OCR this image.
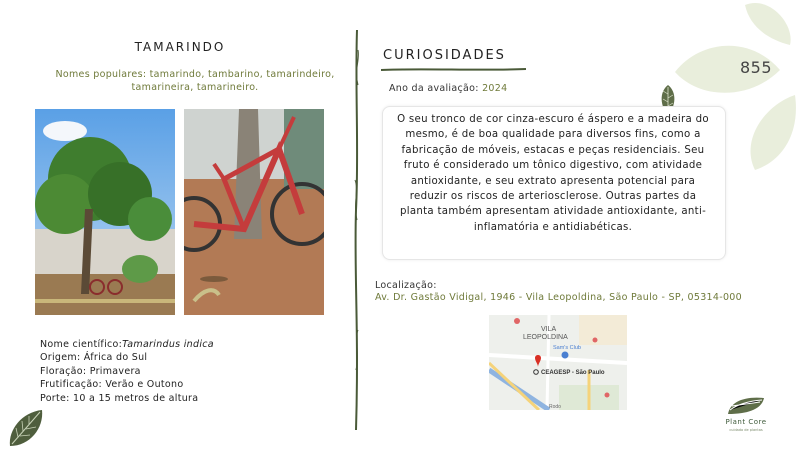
855
TAMARINDO
Nomes populares: tamarindo, tambarino, tamarindeiro, tamarineira, tamarineiro.
Nome científico:Tamarindus indica
Origem: África do Sul
Floração: Primavera
Frutificação: Verão e Outono
Porte: 10 a 15 metros de altura
CURIOSIDADES
Ano da avaliação: 2024
O seu tronco de cor cinza-escuro é áspero e a madeira do mesmo, é de boa qualidade para diversos fins, como a fabricação de móveis, estacas e peças residenciais. Seu fruto é considerado um tônico digestivo, com atividade antioxidante, e seu extrato apresenta potencial para reduzir os riscos de arteriosclerose. Outras partes da planta também apresentam atividade antioxidante, anti-inflamatória e antidiabéticas.
Localização:
Av. Dr. Gastão Vidigal, 1946 - Vila Leopoldina, São Paulo - SP, 05314-000
VILA
LEOPOLDINA
Sam's Club
CEAGESP - São Paulo
Rodo
Plant Core
cuidado de plantas
